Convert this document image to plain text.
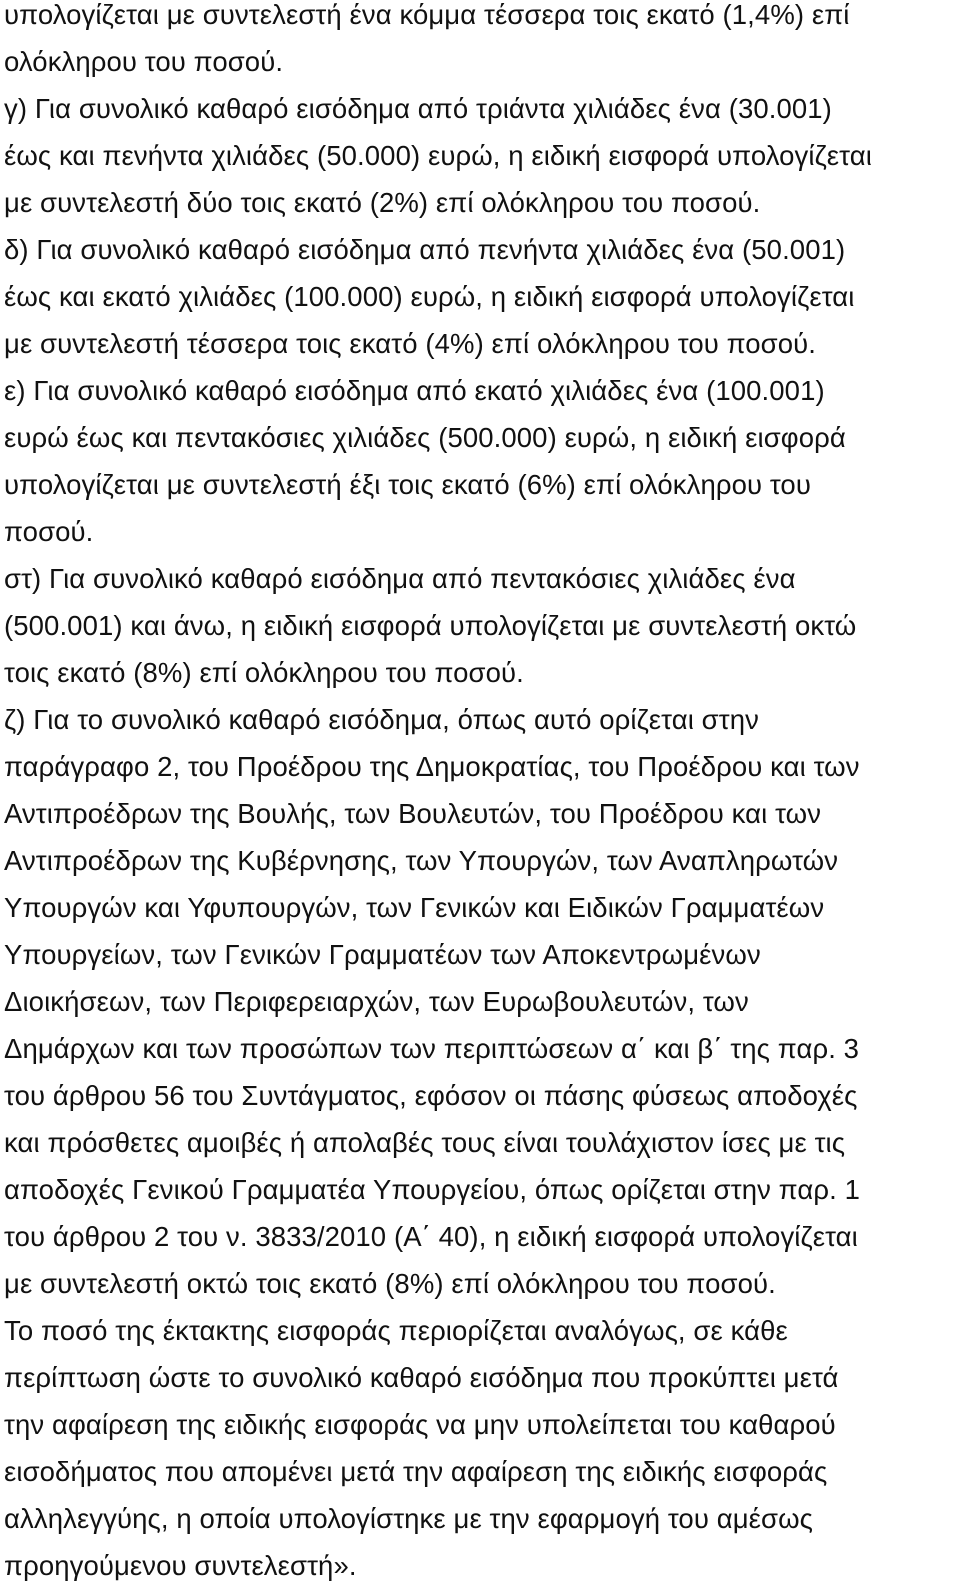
υπολογίζεται με συντελεστή ένα κόμμα τέσσερα τοις εκατό (1,4%) επί
ολόκληρου του ποσού.
γ) Για συνολικό καθαρό εισόδημα από τριάντα χιλιάδες ένα (30.001)
έως και πενήντα χιλιάδες (50.000) ευρώ, η ειδική εισφορά υπολογίζεται
με συντελεστή δύο τοις εκατό (2%) επί ολόκληρου του ποσού.
δ) Για συνολικό καθαρό εισόδημα από πενήντα χιλιάδες ένα (50.001)
έως και εκατό χιλιάδες (100.000) ευρώ, η ειδική εισφορά υπολογίζεται
με συντελεστή τέσσερα τοις εκατό (4%) επί ολόκληρου του ποσού.
ε) Για συνολικό καθαρό εισόδημα από εκατό χιλιάδες ένα (100.001)
ευρώ έως και πεντακόσιες χιλιάδες (500.000) ευρώ, η ειδική εισφορά
υπολογίζεται με συντελεστή έξι τοις εκατό (6%) επί ολόκληρου του
ποσού.
στ) Για συνολικό καθαρό εισόδημα από πεντακόσιες χιλιάδες ένα
(500.001) και άνω, η ειδική εισφορά υπολογίζεται με συντελεστή οκτώ
τοις εκατό (8%) επί ολόκληρου του ποσού.
ζ) Για το συνολικό καθαρό εισόδημα, όπως αυτό ορίζεται στην
παράγραφο 2, του Προέδρου της Δημοκρατίας, του Προέδρου και των
Αντιπροέδρων της Βουλής, των Βουλευτών, του Προέδρου και των
Αντιπροέδρων της Κυβέρνησης, των Υπουργών, των Αναπληρωτών
Υπουργών και Υφυπουργών, των Γενικών και Ειδικών Γραμματέων
Υπουργείων, των Γενικών Γραμματέων των Αποκεντρωμένων
Διοικήσεων, των Περιφερειαρχών, των Ευρωβουλευτών, των
Δημάρχων και των προσώπων των περιπτώσεων α΄ και β΄ της παρ. 3
του άρθρου 56 του Συντάγματος, εφόσον οι πάσης φύσεως αποδοχές
και πρόσθετες αμοιβές ή απολαβές τους είναι τουλάχιστον ίσες με τις
αποδοχές Γενικού Γραμματέα Υπουργείου, όπως ορίζεται στην παρ. 1
του άρθρου 2 του ν. 3833/2010 (Α΄ 40), η ειδική εισφορά υπολογίζεται
με συντελεστή οκτώ τοις εκατό (8%) επί ολόκληρου του ποσού.
Το ποσό της έκτακτης εισφοράς περιορίζεται αναλόγως, σε κάθε
περίπτωση ώστε το συνολικό καθαρό εισόδημα που προκύπτει μετά
την αφαίρεση της ειδικής εισφοράς να μην υπολείπεται του καθαρού
εισοδήματος που απομένει μετά την αφαίρεση της ειδικής εισφοράς
αλληλεγγύης, η οποία υπολογίστηκε με την εφαρμογή του αμέσως
προηγούμενου συντελεστή».
